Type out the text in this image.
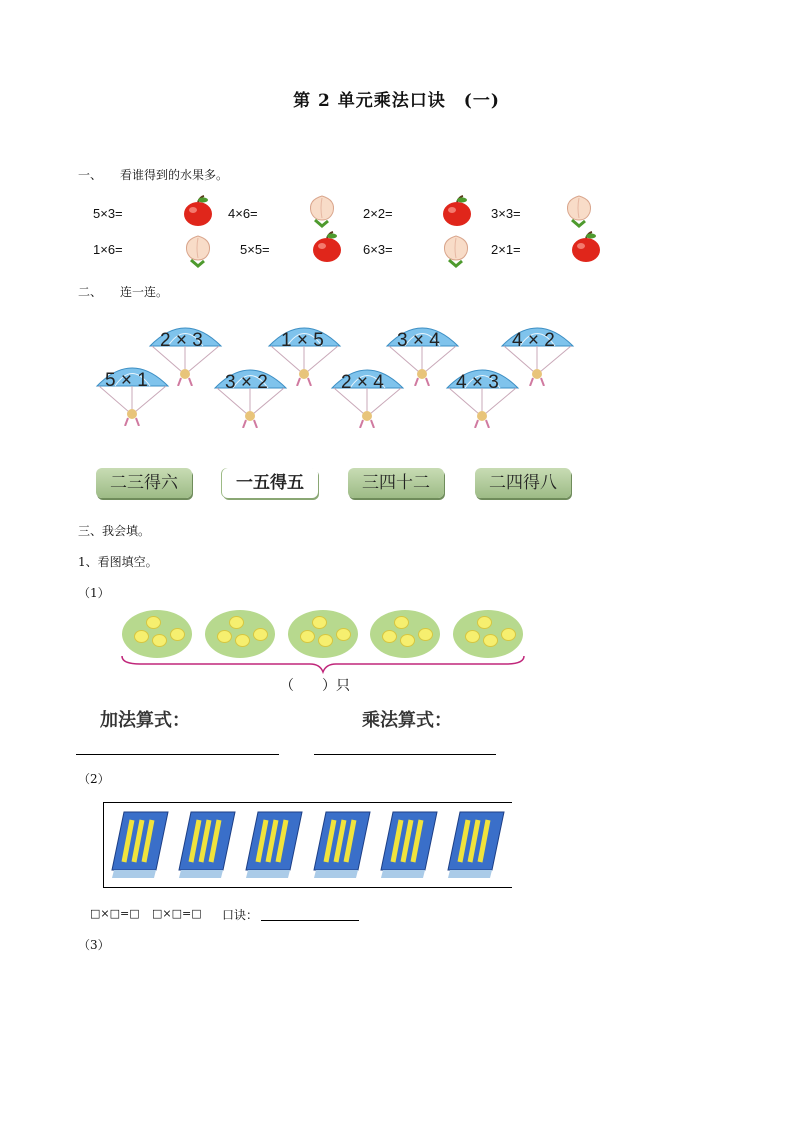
第 2 单元乘法口诀　(一)
一、　　看谁得到的水果多。
5×3=	4×6=	2×2=	3×3=
1×6=	5×5=	6×3=	2×1=
二、　　连一连。
2 × 3	1 × 5	3 × 4	4 × 2
5 × 1	3 × 2	2 × 4	4 × 3
二三得六	一五得五	三四十二	二四得八
三、我会填。
1、看图填空。
（1）
（　　）只
加法算式：	乘法算式：
（2）
□×□=□ □×□=□ 口诀：
（3）
